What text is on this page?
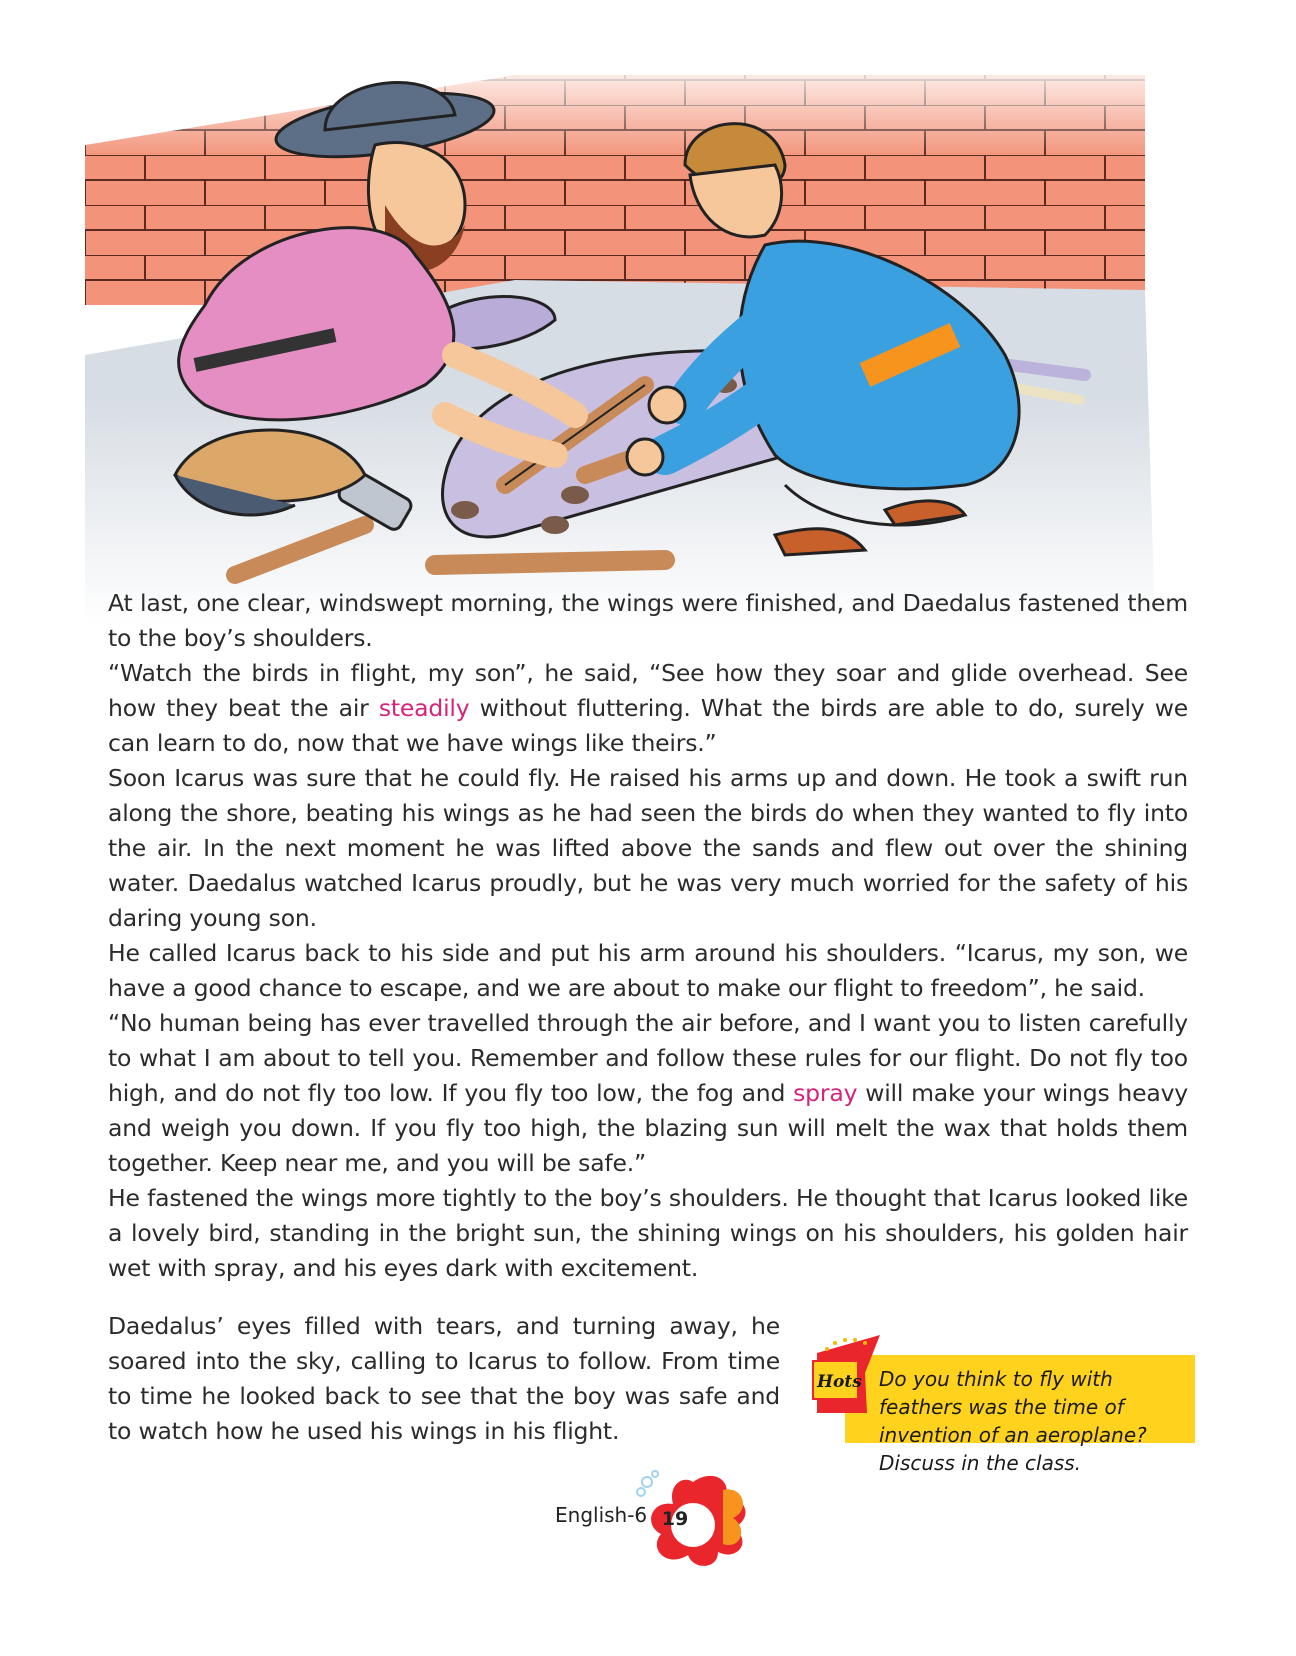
At last, one clear, windswept morning, the wings were finished, and Daedalus fastened them to the boy’s shoulders.

“Watch the birds in flight, my son”, he said, “See how they soar and glide overhead. See how they beat the air steadily without fluttering. What the birds are able to do, surely we can learn to do, now that we have wings like theirs.”

Soon Icarus was sure that he could fly. He raised his arms up and down. He took a swift run along the shore, beating his wings as he had seen the birds do when they wanted to fly into the air. In the next moment he was lifted above the sands and flew out over the shining water. Daedalus watched Icarus proudly, but he was very much worried for the safety of his daring young son.

He called Icarus back to his side and put his arm around his shoulders. “Icarus, my son, we have a good chance to escape, and we are about to make our flight to freedom”, he said.

“No human being has ever travelled through the air before, and I want you to listen carefully to what I am about to tell you. Remember and follow these rules for our flight. Do not fly too high, and do not fly too low. If you fly too low, the fog and spray will make your wings heavy and weigh you down. If you fly too high, the blazing sun will melt the wax that holds them together. Keep near me, and you will be safe.”

He fastened the wings more tightly to the boy’s shoulders. He thought that Icarus looked like a lovely bird, standing in the bright sun, the shining wings on his shoulders, his golden hair wet with spray, and his eyes dark with excitement.

Daedalus’ eyes filled with tears, and turning away, he soared into the sky, calling to Icarus to follow. From time to time he looked back to see that the boy was safe and to watch how he used his wings in his flight.

Do you think to fly with feathers was the time of invention of an aeroplane? Discuss in the class.
Hots
English-6 19
